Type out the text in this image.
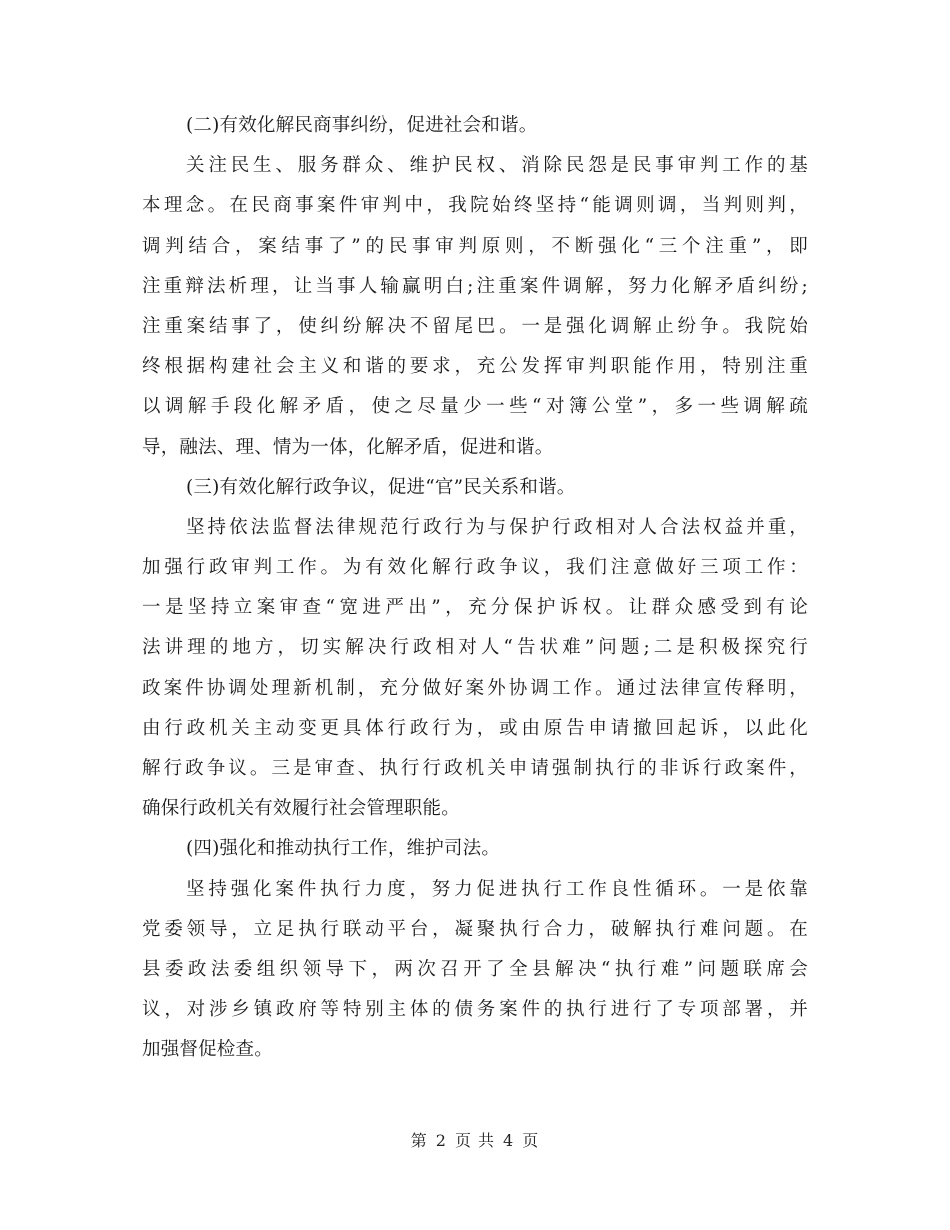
(二)有效化解民商事纠纷，促进社会和谐。
关注民生、服务群众、维护民权、消除民怨是民事审判工作的基
本理念。在民商事案件审判中，我院始终坚持“能调则调，当判则判，
调判结合，案结事了”的民事审判原则，不断强化“三个注重”，即
注重辩法析理，让当事人输赢明白;注重案件调解，努力化解矛盾纠纷;
注重案结事了，使纠纷解决不留尾巴。一是强化调解止纷争。我院始
终根据构建社会主义和谐的要求，充公发挥审判职能作用，特别注重
以调解手段化解矛盾，使之尽量少一些“对簿公堂”，多一些调解疏
导，融法、理、情为一体，化解矛盾，促进和谐。
(三)有效化解行政争议，促进“官”民关系和谐。
坚持依法监督法律规范行政行为与保护行政相对人合法权益并重，
加强行政审判工作。为有效化解行政争议，我们注意做好三项工作：
一是坚持立案审查“宽进严出”，充分保护诉权。让群众感受到有论
法讲理的地方，切实解决行政相对人“告状难”问题;二是积极探究行
政案件协调处理新机制，充分做好案外协调工作。通过法律宣传释明，
由行政机关主动变更具体行政行为，或由原告申请撤回起诉，以此化
解行政争议。三是审查、执行行政机关申请强制执行的非诉行政案件，
确保行政机关有效履行社会管理职能。
(四)强化和推动执行工作，维护司法。
坚持强化案件执行力度，努力促进执行工作良性循环。一是依靠
党委领导，立足执行联动平台，凝聚执行合力，破解执行难问题。在
县委政法委组织领导下，两次召开了全县解决“执行难”问题联席会
议，对涉乡镇政府等特别主体的债务案件的执行进行了专项部署，并
加强督促检查。
第 2 页 共 4 页
